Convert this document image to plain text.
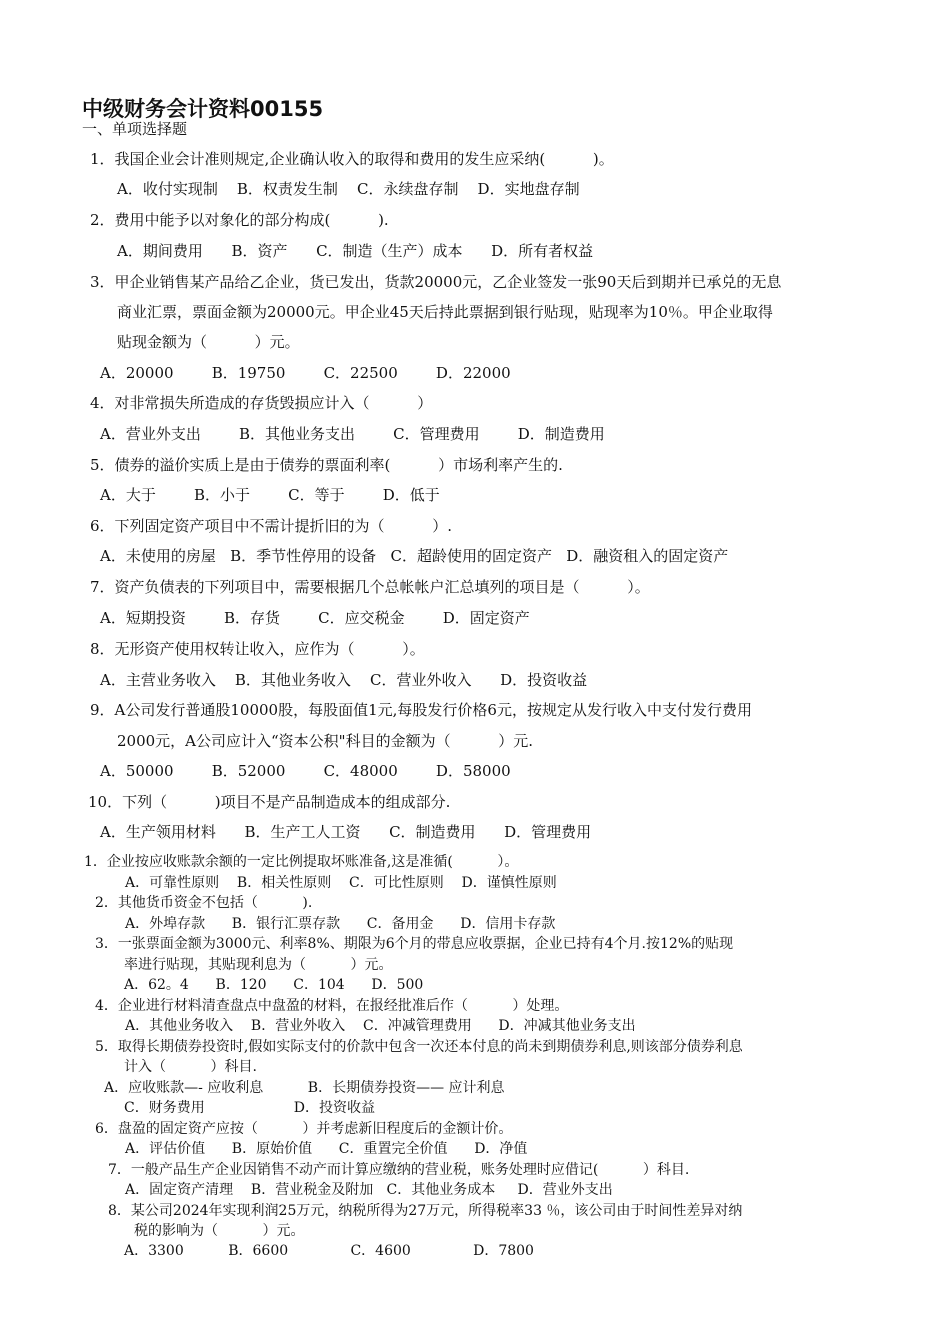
中级财务会计资料00155
一、单项选择题
1．我国企业会计准则规定,企业确认收入的取得和费用的发生应采纳(          )。
A．收付实现制    B．权责发生制    C．永续盘存制    D．实地盘存制
2．费用中能予以对象化的部分构成(          ).
A．期间费用      B．资产      C．制造（生产）成本      D．所有者权益
3．甲企业销售某产品给乙企业，货已发出，货款20000元，乙企业签发一张90天后到期并已承兑的无息
商业汇票，票面金额为20000元。甲企业45天后持此票据到银行贴现，贴现率为10％。甲企业取得
贴现金额为（          ）元。
A．20000        B．19750        C．22500        D．22000
4．对非常损失所造成的存货毁损应计入（          ）
A．营业外支出        B．其他业务支出        C．管理费用        D．制造费用
5．债券的溢价实质上是由于债券的票面利率(          ）市场利率产生的.
A．大于        B．小于        C．等于        D．低于
6．下列固定资产项目中不需计提折旧的为（          ）.
A．未使用的房屋   B．季节性停用的设备   C．超龄使用的固定资产   D．融资租入的固定资产
7．资产负债表的下列项目中，需要根据几个总帐帐户汇总填列的项目是（          ）。
A．短期投资        B．存货        C．应交税金        D．固定资产
8．无形资产使用权转让收入，应作为（          ）。
A．主营业务收入    B．其他业务收入    C．营业外收入      D．投资收益
9．A公司发行普通股10000股，每股面值1元,每股发行价格6元，按规定从发行收入中支付发行费用
2000元，A公司应计入“资本公积"科目的金额为（          ）元.
A．50000        B．52000        C．48000        D．58000
10．下列（          )项目不是产品制造成本的组成部分.
A．生产领用材料      B．生产工人工资      C．制造费用      D．管理费用
1．企业按应收账款余额的一定比例提取坏账准备,这是准循(          ）。
A．可靠性原则    B．相关性原则    C．可比性原则    D．谨慎性原则
2．其他货币资金不包括（          ).
A．外埠存款      B．银行汇票存款      C．备用金      D．信用卡存款
3．一张票面金额为3000元、利率8%、期限为6个月的带息应收票据，企业已持有4个月.按12%的贴现
率进行贴现，其贴现利息为（          ）元。
A．62。4      B．120      C．104      D．500
4．企业进行材料清查盘点中盘盈的材料，在报经批准后作（          ）处理。
A．其他业务收入    B．营业外收入    C．冲减管理费用      D．冲减其他业务支出
5．取得长期债券投资时,假如实际支付的价款中包含一次还本付息的尚未到期债券利息,则该部分债券利息
计入（          ）科目.
A．应收账款—- 应收利息          B．长期债券投资—— 应计利息
C．财务费用                    D．投资收益
6．盘盈的固定资产应按（          ）并考虑新旧程度后的金额计价。
A．评估价值      B．原始价值      C．重置完全价值      D．净值
7．一般产品生产企业因销售不动产而计算应缴纳的营业税，账务处理时应借记(          ）科目.
A．固定资产清理    B．营业税金及附加   C．其他业务成本     D．营业外支出
8．某公司2024年实现利润25万元，纳税所得为27万元，所得税率33 ％，该公司由于时间性差异对纳
税的影响为（          ）元。
A．3300          B．6600              C．4600              D．7800
